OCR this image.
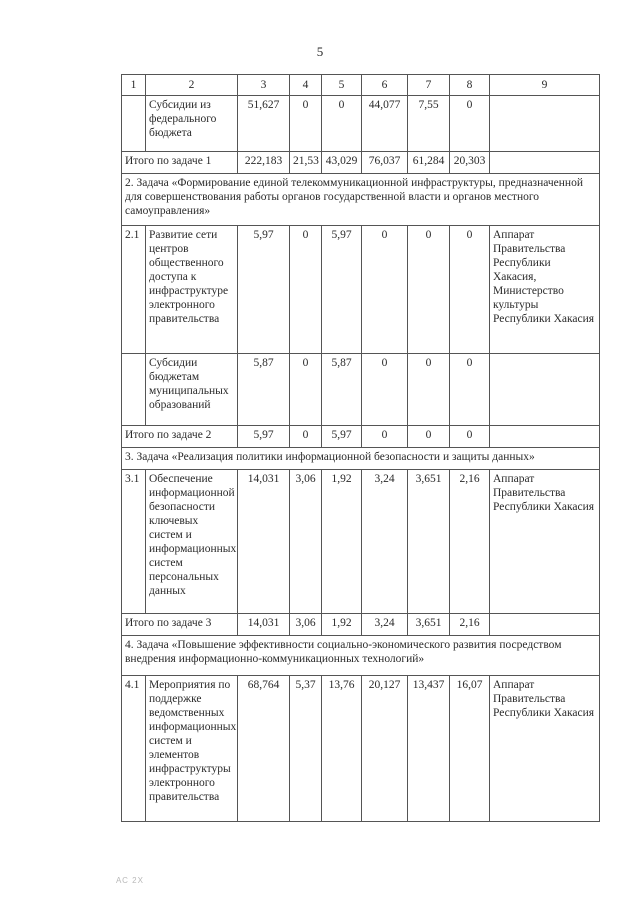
5
1	2	3	4	5	6	7	8	9
	Субсидии из федерального бюджета	51,627	0	0	44,077	7,55	0	
Итого по задаче 1		222,183	21,53	43,029	76,037	61,284	20,303	
2. Задача «Формирование единой телекоммуникационной инфраструктуры, предназначенной для совершенствования работы органов государственной власти и органов местного самоуправления»								
2.1	Развитие сети центров общественного доступа к инфраструктуре электронного правительства	5,97	0	5,97	0	0	0	Аппарат Правительства Республики Хакасия, Министерство культуры Республики Хакасия
	Субсидии бюджетам муниципальных образований	5,87	0	5,87	0	0	0	
Итого по задаче 2		5,97	0	5,97	0	0	0	
3. Задача «Реализация политики информационной безопасности и защиты данных»								
3.1	Обеспечение информационной безопасности ключевых систем и информационных систем персональных данных	14,031	3,06	1,92	3,24	3,651	2,16	Аппарат Правительства Республики Хакасия
Итого по задаче 3		14,031	3,06	1,92	3,24	3,651	2,16	
4. Задача «Повышение эффективности социально-экономического развития посредством внедрения информационно-коммуникационных технологий»								
4.1	Мероприятия по поддержке ведомственных информационных систем и элементов инфраструктуры электронного правительства	68,764	5,37	13,76	20,127	13,437	16,07	Аппарат Правительства Республики Хакасия
АС 2Х
